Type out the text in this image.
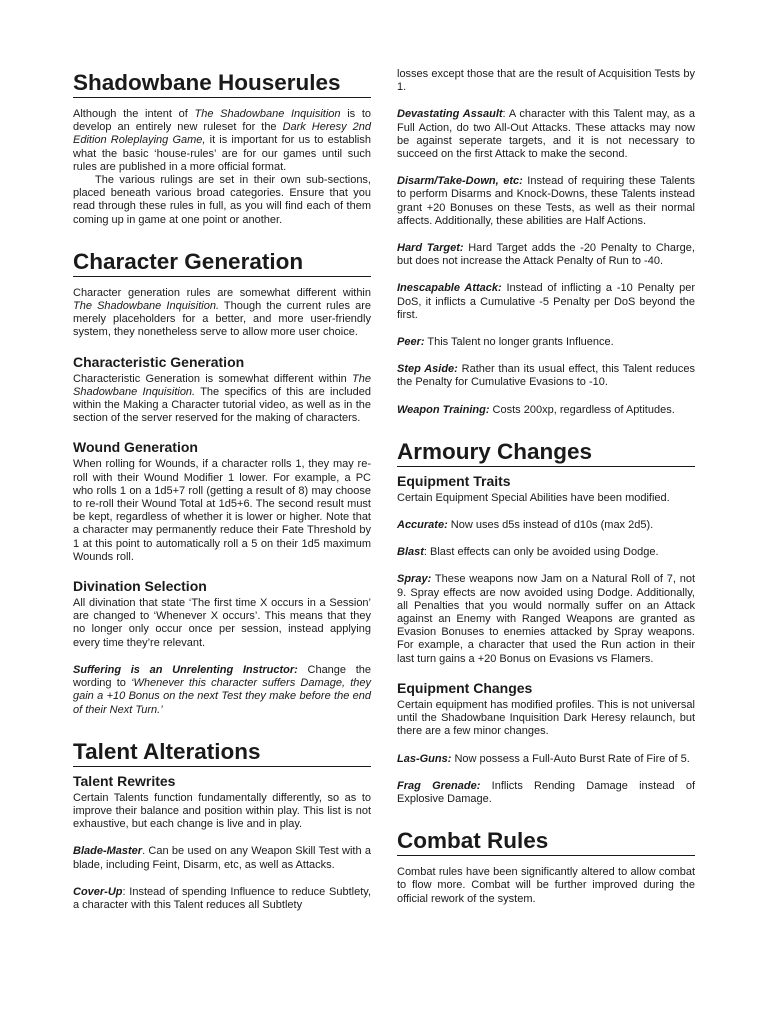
Shadowbane Houserules

Although the intent of The Shadowbane Inquisition is to develop an entirely new ruleset for the Dark Heresy 2nd Edition Roleplaying Game, it is important for us to establish what the basic ‘house-rules’ are for our games until such rules are published in a more official format.

The various rulings are set in their own sub-sections, placed beneath various broad categories. Ensure that you read through these rules in full, as you will find each of them coming up in game at one point or another.

Character Generation

Character generation rules are somewhat different within The Shadowbane Inquisition. Though the current rules are merely placeholders for a better, and more user-friendly system, they nonetheless serve to allow more user choice.

Characteristic Generation

Characteristic Generation is somewhat different within The Shadowbane Inquisition. The specifics of this are included within the Making a Character tutorial video, as well as in the section of the server reserved for the making of characters.

Wound Generation

When rolling for Wounds, if a character rolls 1, they may re-roll with their Wound Modifier 1 lower. For example, a PC who rolls 1 on a 1d5+7 roll (getting a result of 8) may choose to re-roll their Wound Total at 1d5+6. The second result must be kept, regardless of whether it is lower or higher. Note that a character may permanently reduce their Fate Threshold by 1 at this point to automatically roll a 5 on their 1d5 maximum Wounds roll.

Divination Selection

All divination that state ‘The first time X occurs in a Session’ are changed to ‘Whenever X occurs’. This means that they no longer only occur once per session, instead applying every time they’re relevant.

Suffering is an Unrelenting Instructor: Change the wording to ‘Whenever this character suffers Damage, they gain a +10 Bonus on the next Test they make before the end of their Next Turn.’

Talent Alterations
Talent Rewrites

Certain Talents function fundamentally differently, so as to improve their balance and position within play. This list is not exhaustive, but each change is live and in play.

Blade-Master. Can be used on any Weapon Skill Test with a blade, including Feint, Disarm, etc, as well as Attacks.

Cover-Up: Instead of spending Influence to reduce Subtlety, a character with this Talent reduces all Subtlety

losses except those that are the result of Acquisition Tests by 1.

Devastating Assault: A character with this Talent may, as a Full Action, do two All-Out Attacks. These attacks may now be against seperate targets, and it is not necessary to succeed on the first Attack to make the second.

Disarm/Take-Down, etc: Instead of requiring these Talents to perform Disarms and Knock-Downs, these Talents instead grant +20 Bonuses on these Tests, as well as their normal affects. Additionally, these abilities are Half Actions.

Hard Target: Hard Target adds the -20 Penalty to Charge, but does not increase the Attack Penalty of Run to -40.

Inescapable Attack: Instead of inflicting a -10 Penalty per DoS, it inflicts a Cumulative -5 Penalty per DoS beyond the first.

Peer: This Talent no longer grants Influence.

Step Aside: Rather than its usual effect, this Talent reduces the Penalty for Cumulative Evasions to -10.

Weapon Training: Costs 200xp, regardless of Aptitudes.

Armoury Changes
Equipment Traits

Certain Equipment Special Abilities have been modified.

Accurate: Now uses d5s instead of d10s (max 2d5).

Blast: Blast effects can only be avoided using Dodge.

Spray: These weapons now Jam on a Natural Roll of 7, not 9. Spray effects are now avoided using Dodge. Additionally, all Penalties that you would normally suffer on an Attack against an Enemy with Ranged Weapons are granted as Evasion Bonuses to enemies attacked by Spray weapons. For example, a character that used the Run action in their last turn gains a +20 Bonus on Evasions vs Flamers.

Equipment Changes

Certain equipment has modified profiles. This is not universal until the Shadowbane Inquisition Dark Heresy relaunch, but there are a few minor changes.

Las-Guns: Now possess a Full-Auto Burst Rate of Fire of 5.

Frag Grenade: Inflicts Rending Damage instead of Explosive Damage.

Combat Rules

Combat rules have been significantly altered to allow combat to flow more. Combat will be further improved during the official rework of the system.
